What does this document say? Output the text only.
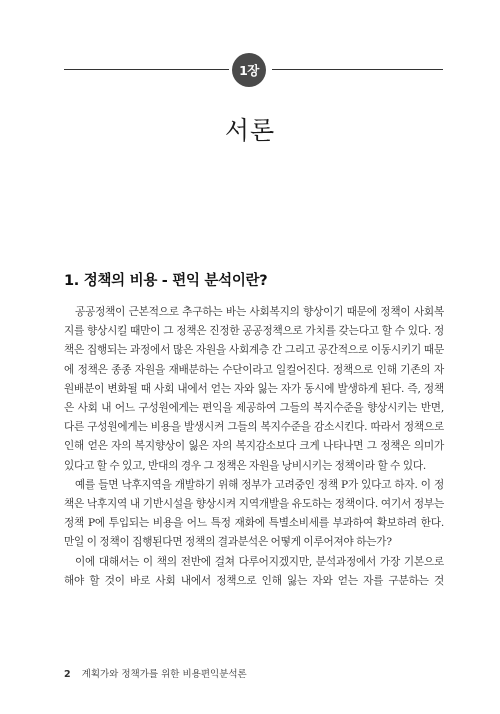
1장
서론
1. 정책의 비용 - 편익 분석이란?

공공정책이 근본적으로 추구하는 바는 사회복지의 향상이기 때문에 정책이 사회복지를 향상시킬 때만이 그 정책은 진정한 공공정책으로 가치를 갖는다고 할 수 있다. 정책은 집행되는 과정에서 많은 자원을 사회계층 간 그리고 공간적으로 이동시키기 때문에 정책은 종종 자원을 재배분하는 수단이라고 일컬어진다. 정책으로 인해 기존의 자원배분이 변화될 때 사회 내에서 얻는 자와 잃는 자가 동시에 발생하게 된다. 즉, 정책은 사회 내 어느 구성원에게는 편익을 제공하여 그들의 복지수준을 향상시키는 반면, 다른 구성원에게는 비용을 발생시켜 그들의 복지수준을 감소시킨다. 따라서 정책으로 인해 얻은 자의 복지향상이 잃은 자의 복지감소보다 크게 나타나면 그 정책은 의미가 있다고 할 수 있고, 반대의 경우 그 정책은 자원을 낭비시키는 정책이라 할 수 있다.

예를 들면 낙후지역을 개발하기 위해 정부가 고려중인 정책 P가 있다고 하자. 이 정책은 낙후지역 내 기반시설을 향상시켜 지역개발을 유도하는 정책이다. 여기서 정부는 정책 P에 투입되는 비용을 어느 특정 재화에 특별소비세를 부과하여 확보하려 한다. 만일 이 정책이 집행된다면 정책의 결과분석은 어떻게 이루어져야 하는가?

이에 대해서는 이 책의 전반에 걸쳐 다루어지겠지만, 분석과정에서 가장 기본으로 해야 할 것이 바로 사회 내에서 정책으로 인해 잃는 자와 얻는 자를 구분하는 것

2 계획가와 정책가를 위한 비용편익분석론
